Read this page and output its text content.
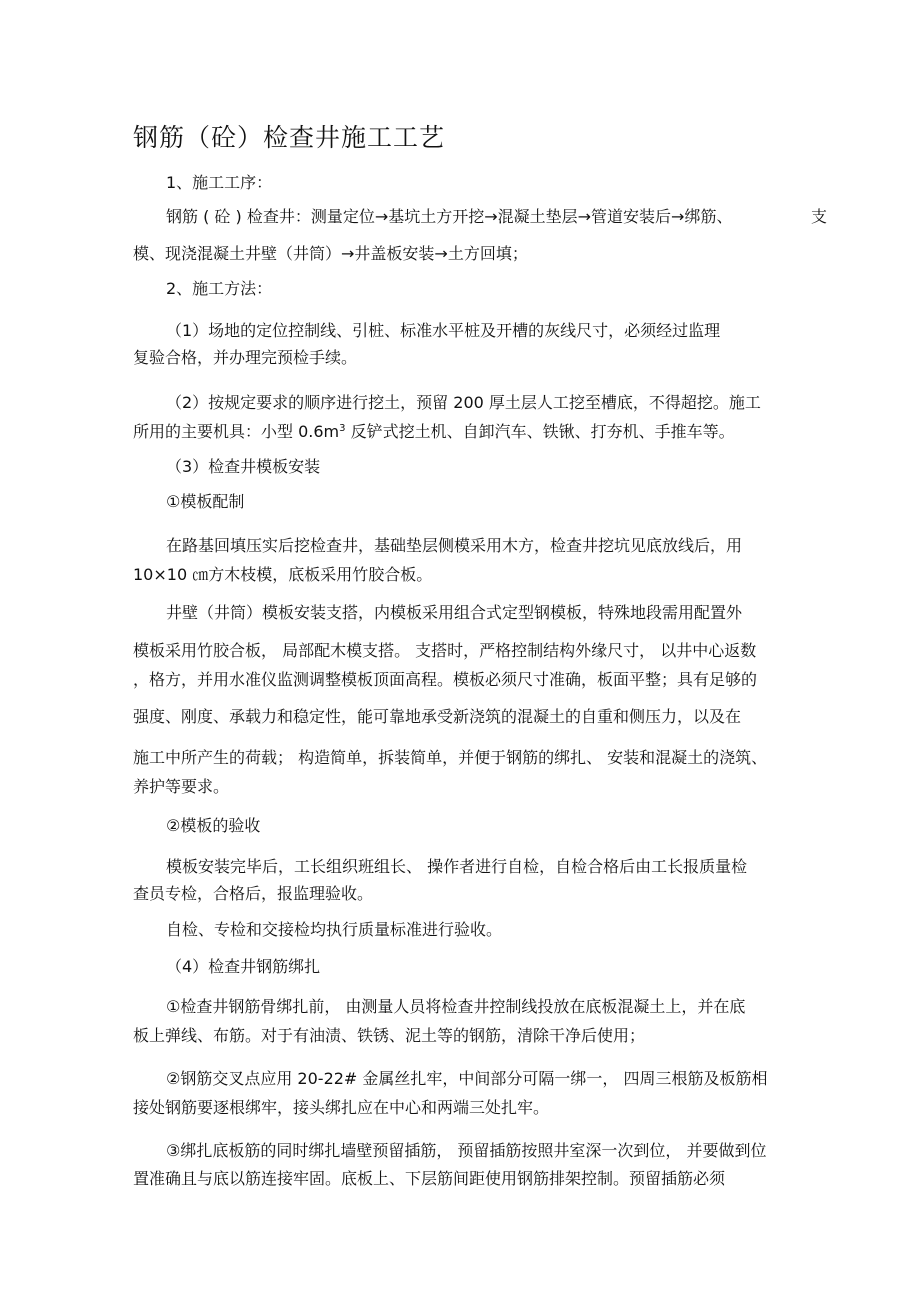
钢筋（砼）检查井施工工艺
1、施工工序：
钢筋 ( 砼 ) 检查井：测量定位→基坑土方开挖→混凝土垫层→管道安装后→绑筋、	支
模、现浇混凝土井壁（井筒）→井盖板安装→土方回填；
2、施工方法：
（1）场地的定位控制线、引桩、标准水平桩及开槽的灰线尺寸，必须经过监理
复验合格，并办理完预检手续。
（2）按规定要求的顺序进行挖土，预留 200 厚土层人工挖至槽底，不得超挖。施工
所用的主要机具：小型 $0.6m^3$ 反铲式挖土机、自卸汽车、铁锹、打夯机、手推车等。
（3）检查井模板安装
①模板配制
在路基回填压实后挖检查井，基础垫层侧模采用木方，检查井挖坑见底放线后，用
10×10 ㎝方木枝模，底板采用竹胶合板。
井壁（井筒）模板安装支搭，内模板采用组合式定型钢模板，特殊地段需用配置外
模板采用竹胶合板， 局部配木模支搭。 支搭时，严格控制结构外缘尺寸， 以井中心返数
，格方，并用水准仪监测调整模板顶面高程。模板必须尺寸准确，板面平整；具有足够的
强度、刚度、承载力和稳定性，能可靠地承受新浇筑的混凝土的自重和侧压力，以及在
施工中所产生的荷载； 构造简单，拆装简单，并便于钢筋的绑扎、 安装和混凝土的浇筑、
养护等要求。
②模板的验收
模板安装完毕后，工长组织班组长、 操作者进行自检，自检合格后由工长报质量检
查员专检，合格后，报监理验收。
自检、专检和交接检均执行质量标准进行验收。
（4）检查井钢筋绑扎
①检查井钢筋骨绑扎前， 由测量人员将检查井控制线投放在底板混凝土上，并在底
板上弹线、布筋。对于有油渍、铁锈、泥土等的钢筋，清除干净后使用；
②钢筋交叉点应用 20-22# 金属丝扎牢，中间部分可隔一绑一， 四周三根筋及板筋相
接处钢筋要逐根绑牢，接头绑扎应在中心和两端三处扎牢。
③绑扎底板筋的同时绑扎墙壁预留插筋， 预留插筋按照井室深一次到位， 并要做到位
置准确且与底以筋连接牢固。底板上、下层筋间距使用钢筋排架控制。预留插筋必须
